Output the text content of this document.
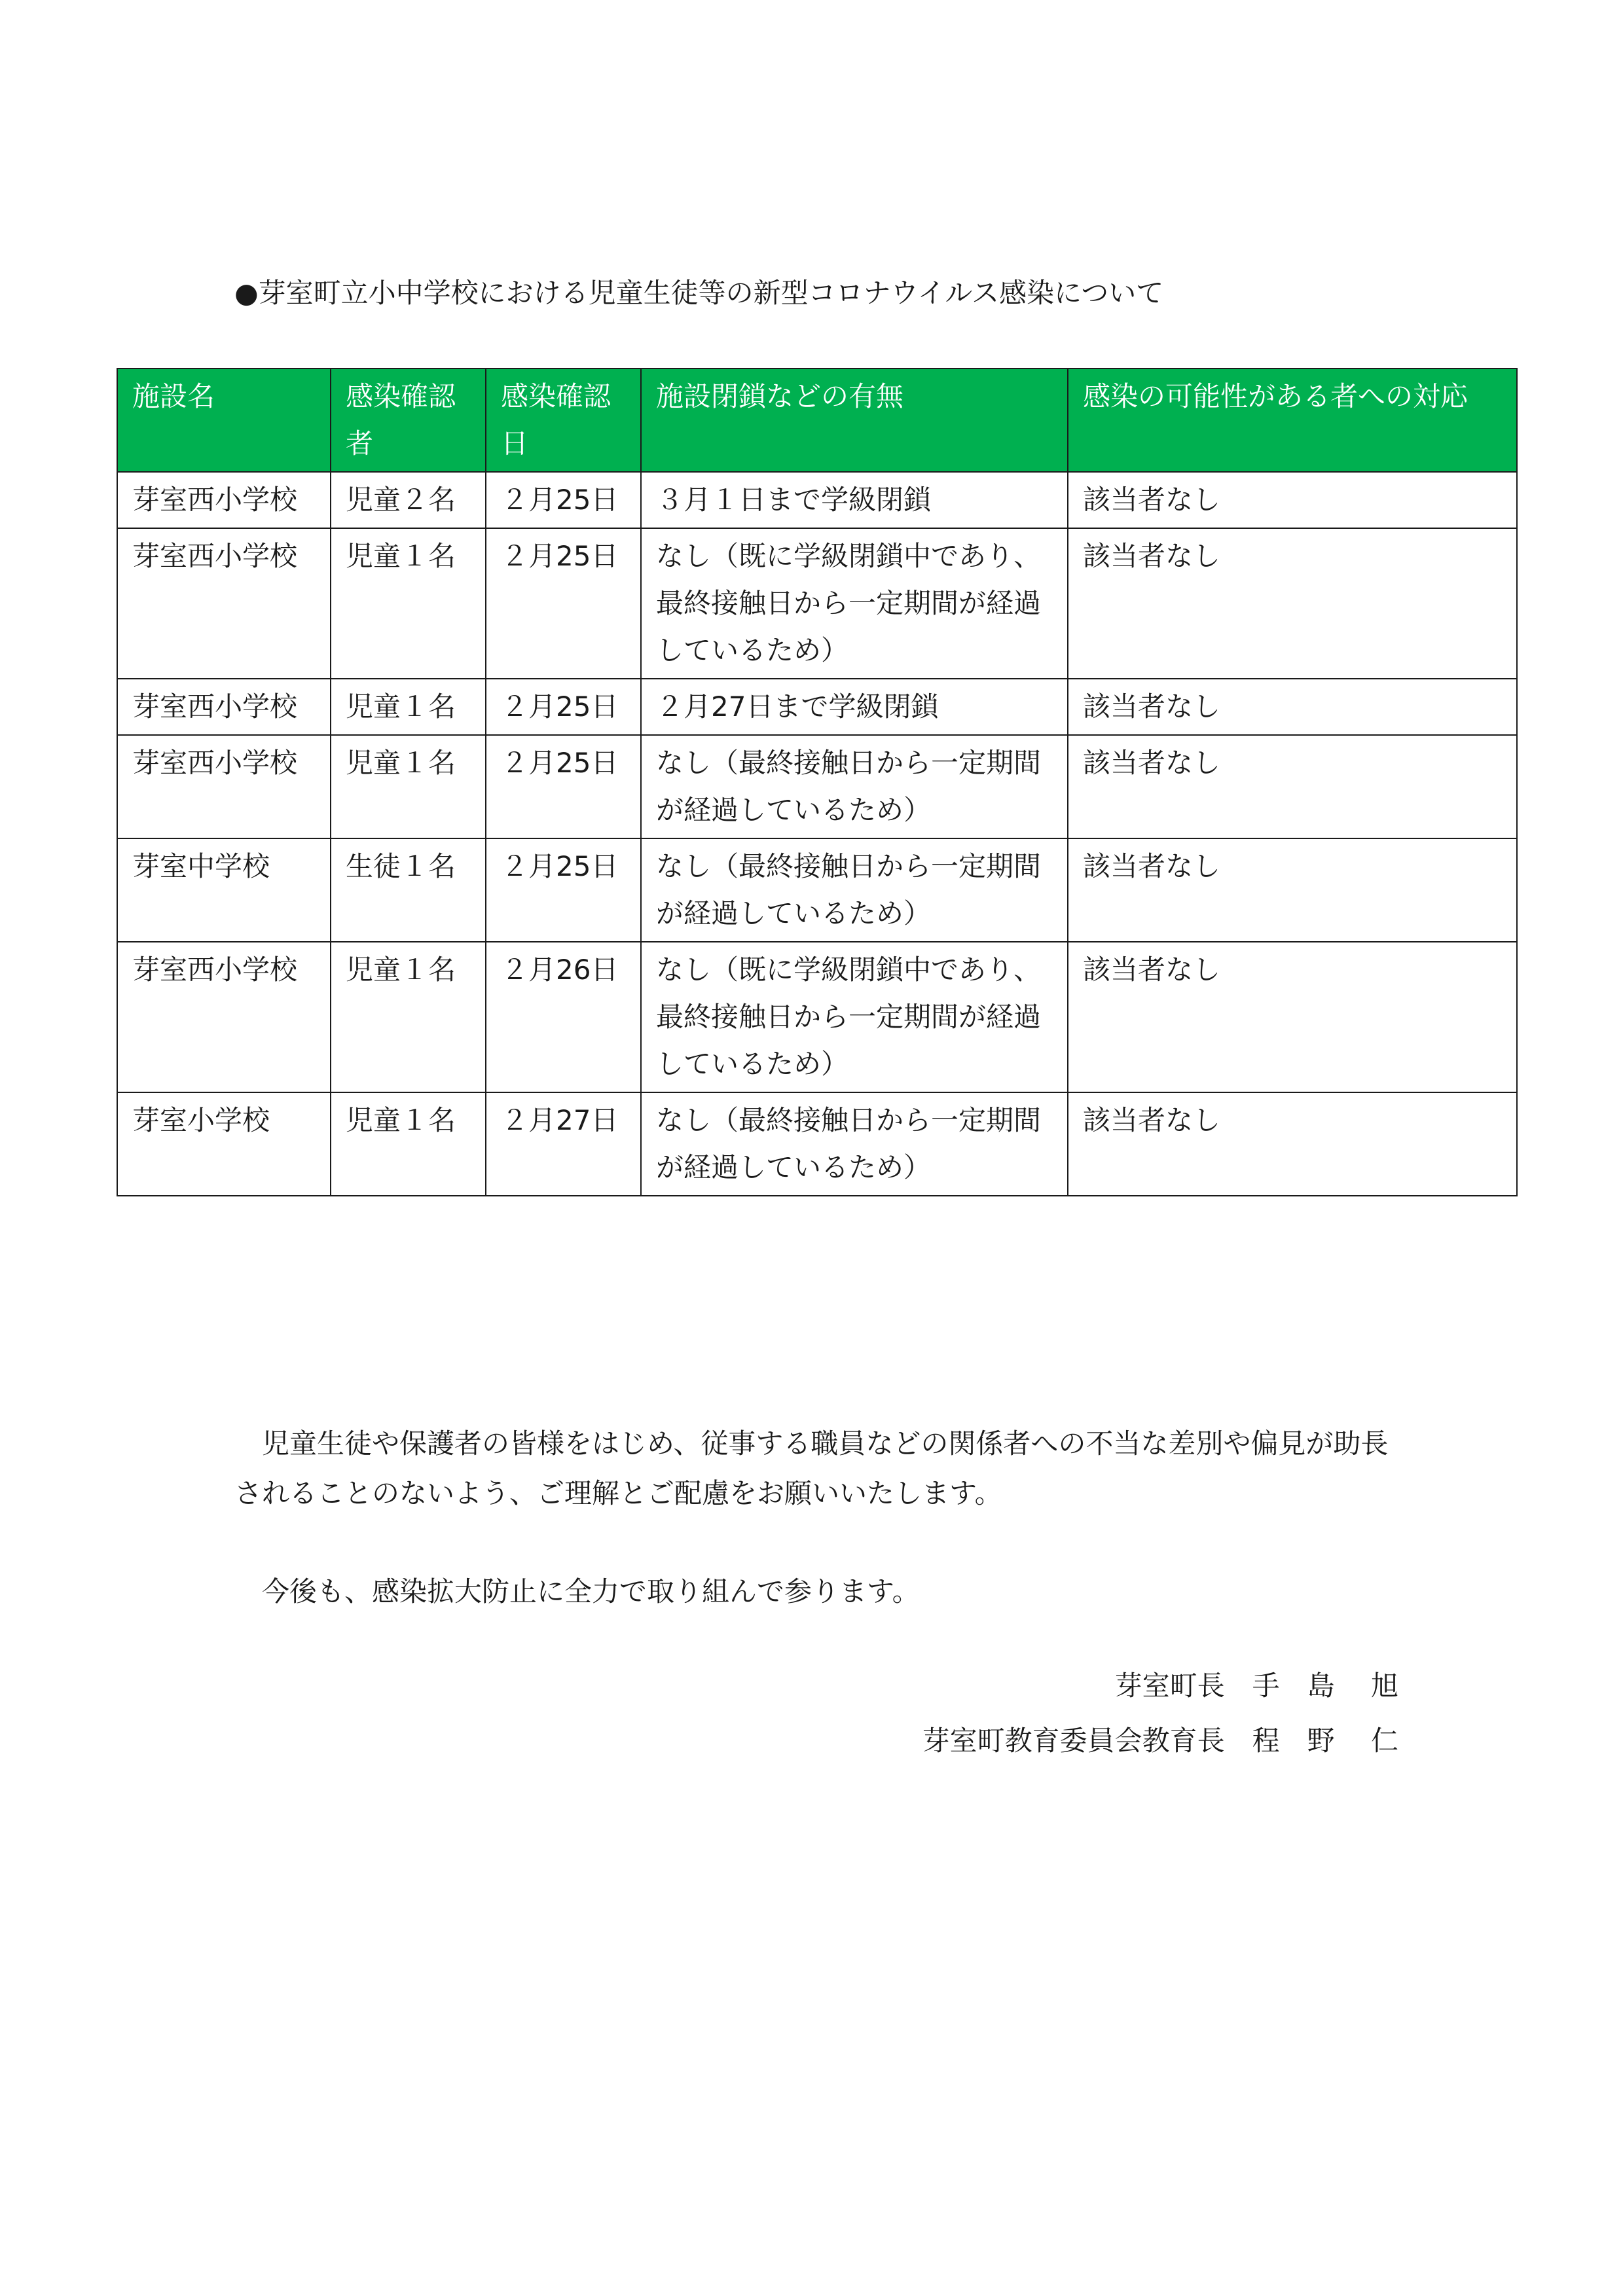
●芽室町立小中学校における児童生徒等の新型コロナウイルス感染について
施設名	感染確認者	感染確認日	施設閉鎖などの有無	感染の可能性がある者への対応
芽室西小学校	児童２名	２月25日	３月１日まで学級閉鎖	該当者なし
芽室西小学校	児童１名	２月25日	なし（既に学級閉鎖中であり、最終接触日から一定期間が経過しているため）	該当者なし
芽室西小学校	児童１名	２月25日	２月27日まで学級閉鎖	該当者なし
芽室西小学校	児童１名	２月25日	なし（最終接触日から一定期間が経過しているため）	該当者なし
芽室中学校	生徒１名	２月25日	なし（最終接触日から一定期間が経過しているため）	該当者なし
芽室西小学校	児童１名	２月26日	なし（既に学級閉鎖中であり、最終接触日から一定期間が経過しているため）	該当者なし
芽室小学校	児童１名	２月27日	なし（最終接触日から一定期間が経過しているため）	該当者なし

児童生徒や保護者の皆様をはじめ、従事する職員などの関係者への不当な差別や偏見が助長されることのないよう、ご理解とご配慮をお願いいたします。

今後も、感染拡大防止に全力で取り組んで参ります。

芽室町長　手　島　 旭
芽室町教育委員会教育長　程　野　 仁
